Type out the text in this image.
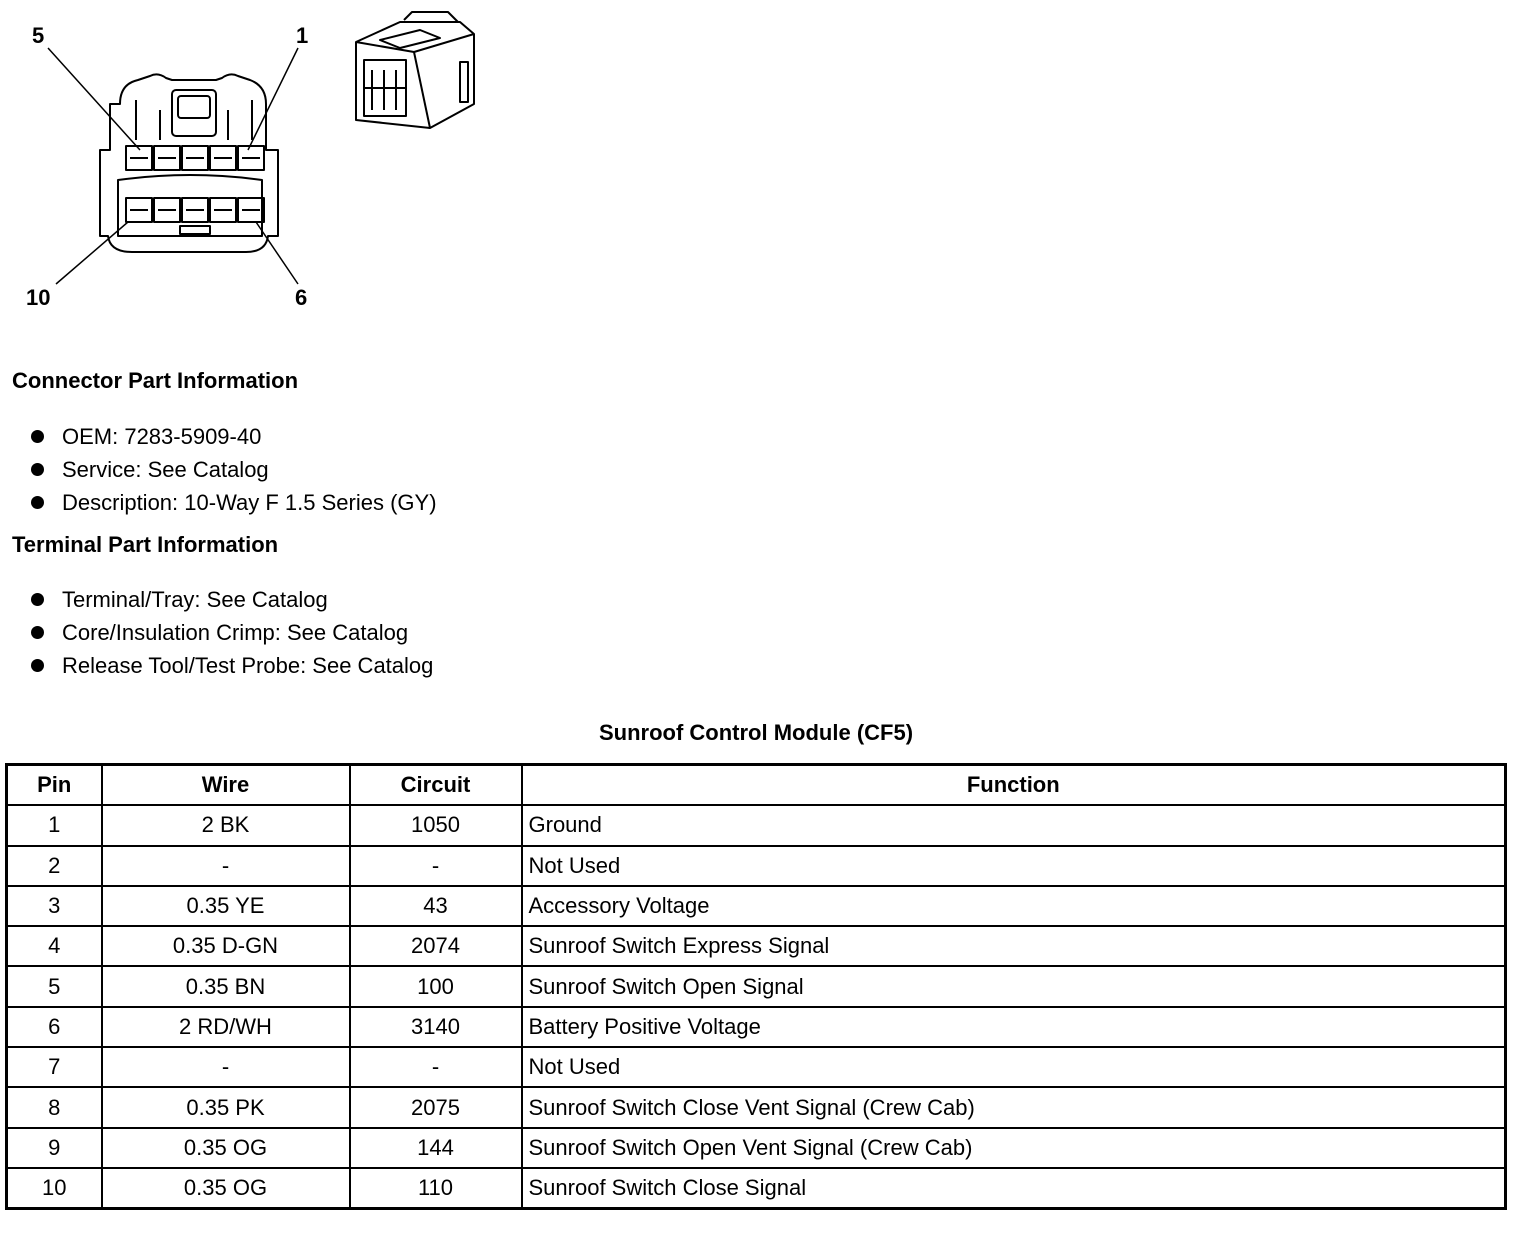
5	1
10	6
Connector Part Information
OEM: 7283-5909-40
Service: See Catalog
Description: 10-Way F 1.5 Series (GY)
Terminal Part Information
Terminal/Tray: See Catalog
Core/Insulation Crimp: See Catalog
Release Tool/Test Probe: See Catalog
Sunroof Control Module (CF5)
Pin	Wire	Circuit	Function
1	2 BK	1050	Ground
2	-	-	Not Used
3	0.35 YE	43	Accessory Voltage
4	0.35 D-GN	2074	Sunroof Switch Express Signal
5	0.35 BN	100	Sunroof Switch Open Signal
6	2 RD/WH	3140	Battery Positive Voltage
7	-	-	Not Used
8	0.35 PK	2075	Sunroof Switch Close Vent Signal (Crew Cab)
9	0.35 OG	144	Sunroof Switch Open Vent Signal (Crew Cab)
10	0.35 OG	110	Sunroof Switch Close Signal
